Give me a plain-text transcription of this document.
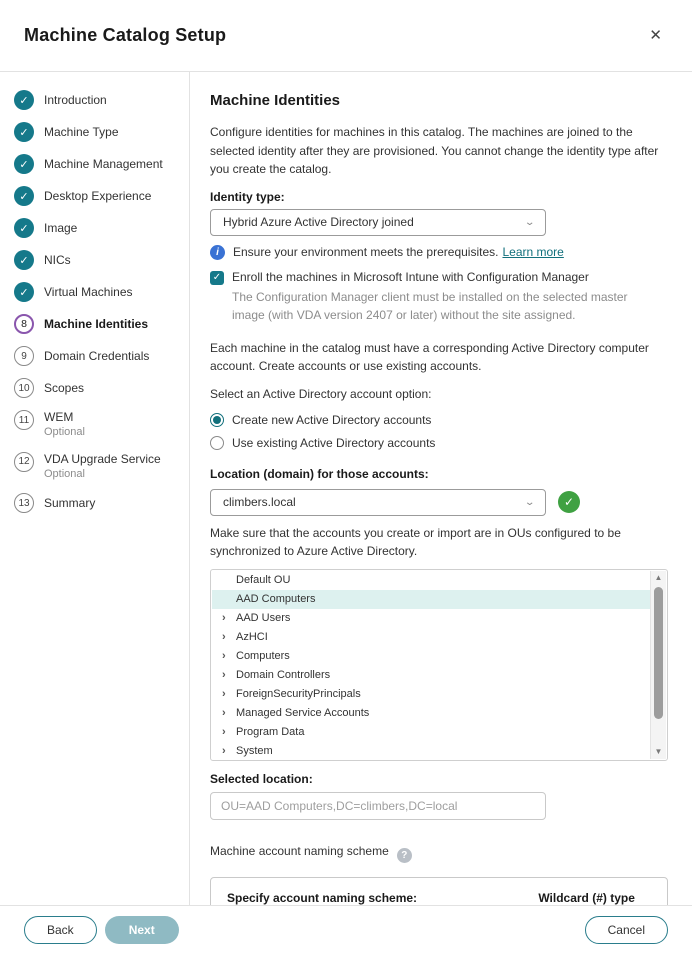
Machine Catalog Setup	✕
✓
Introduction
✓
Machine Type
✓
Machine Management
✓
Desktop Experience
✓
Image
✓
NICs
✓
Virtual Machines
8	Machine Identities
9	Domain Credentials
10	Scopes
11	WEM
Optional
12	VDA Upgrade Service
Optional
13	Summary
Machine Identities

Configure identities for machines in this catalog. The machines are joined to the selected identity after they are provisioned. You cannot change the identity type after you create the catalog.

Identity type:
Hybrid Azure Active Directory joined	⌄
i	Ensure your environment meets the prerequisites. Learn more
✓ Enroll the machines in Microsoft Intune with Configuration Manager
The Configuration Manager client must be installed on the selected master image (with VDA version 2407 or later) without the site assigned.

Each machine in the catalog must have a corresponding Active Directory computer account. Create accounts or use existing accounts.

Select an Active Directory account option:
Create new Active Directory accounts
Use existing Active Directory accounts
Location (domain) for those accounts:
climbers.local	⌄	✓

Make sure that the accounts you create or import are in OUs configured to be synchronized to Azure Active Directory.

Default OU
AAD Computers
› AAD Users
› AzHCI
› Computers
› Domain Controllers
› ForeignSecurityPrincipals
› Managed Service Accounts
› Program Data
› System
▲
▼
Selected location:
OU=AAD Computers,DC=climbers,DC=local
Machine account naming scheme ?
Specify account naming scheme:	Wildcard (#) type
Back	Next	Cancel
